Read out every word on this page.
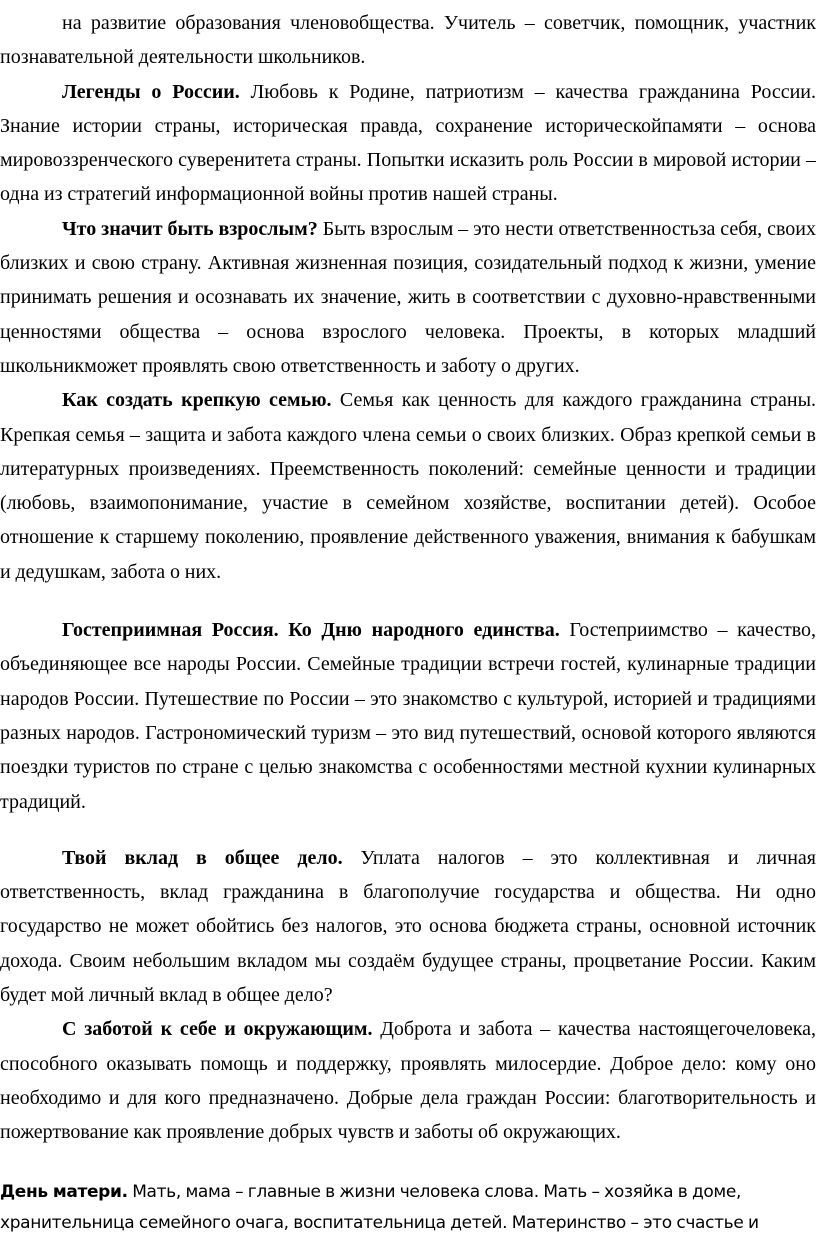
на развитие образования членовобщества. Учитель – советчик, помощник, участник познавательной деятельности школьников.

Легенды о России. Любовь к Родине, патриотизм – качества гражданина России. Знание истории страны, историческая правда, сохранение историческойпамяти – основа мировоззренческого суверенитета страны. Попытки исказить роль России в мировой истории – одна из стратегий информационной войны против нашей страны.

Что значит быть взрослым? Быть взрослым – это нести ответственностьза себя, своих близких и свою страну. Активная жизненная позиция, созидательный подход к жизни, умение принимать решения и осознавать их значение, жить в соответствии с духовно-нравственными ценностями общества – основа взрослого человека. Проекты, в которых младший школьникможет проявлять свою ответственность и заботу о других.

Как создать крепкую семью. Семья как ценность для каждого гражданина страны. Крепкая семья – защита и забота каждого члена семьи о своих близких. Образ крепкой семьи в литературных произведениях. Преемственность поколений: семейные ценности и традиции (любовь, взаимопонимание, участие в семейном хозяйстве, воспитании детей). Особое отношение к старшему поколению, проявление действенного уважения, внимания к бабушкам и дедушкам, забота о них.

Гостеприимная Россия. Ко Дню народного единства. Гостеприимство – качество, объединяющее все народы России. Семейные традиции встречи гостей, кулинарные традиции народов России. Путешествие по России – это знакомство с культурой, историей и традициями разных народов. Гастрономический туризм – это вид путешествий, основой которого являются поездки туристов по стране с целью знакомства с особенностями местной кухнии кулинарных традиций.

Твой вклад в общее дело. Уплата налогов – это коллективная и личная ответственность, вклад гражданина в благополучие государства и общества. Ни одно государство не может обойтись без налогов, это основа бюджета страны, основной источник дохода. Своим небольшим вкладом мы создаём будущее страны, процветание России. Каким будет мой личный вклад в общее дело?

С заботой к себе и окружающим. Доброта и забота – качества настоящегочеловека, способного оказывать помощь и поддержку, проявлять милосердие. Доброе дело: кому оно необходимо и для кого предназначено. Добрые дела граждан России: благотворительность и пожертвование как проявление добрых чувств и заботы об окружающих.

День матери. Мать, мама – главные в жизни человека слова. Мать – хозяйка в доме, хранительница семейного очага, воспитательница детей. Материнство – это счастье и
